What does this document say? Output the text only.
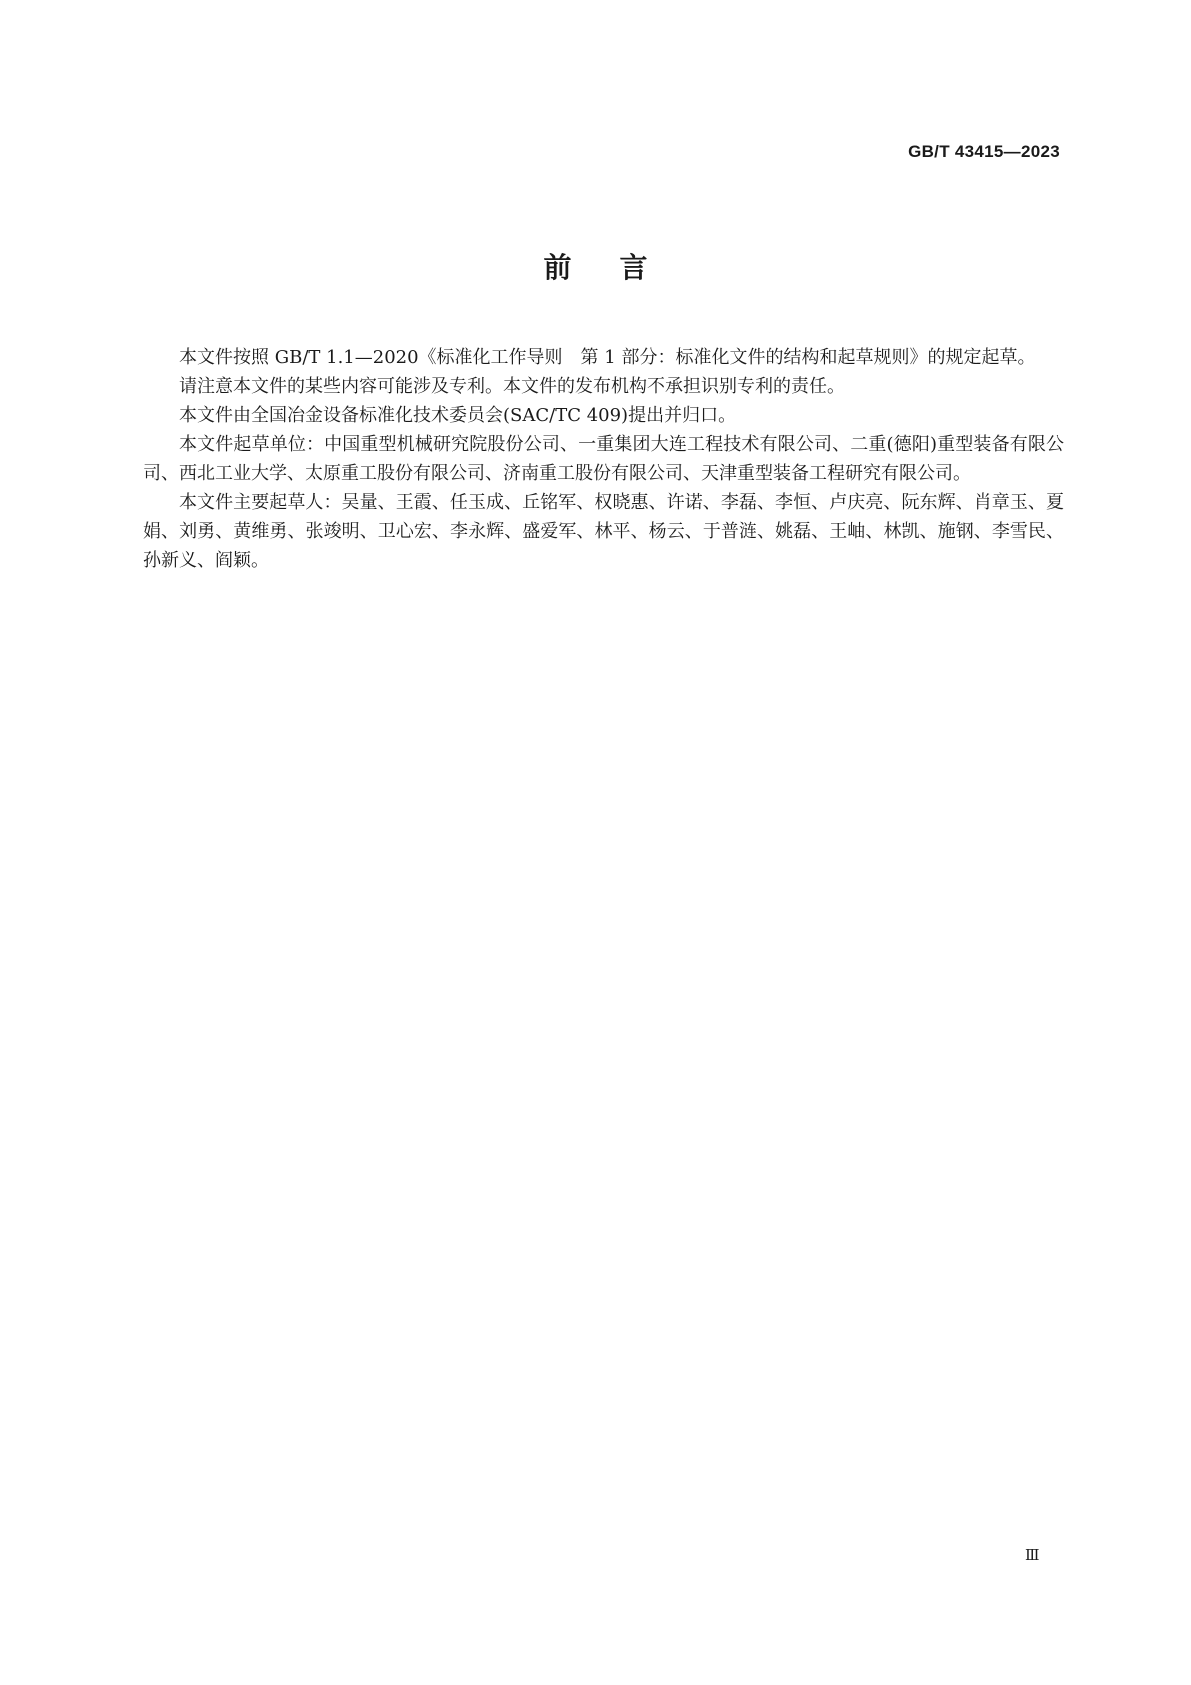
GB/T 43415—2023
前言

本文件按照 GB/T 1.1—2020《标准化工作导则　第 1 部分：标准化文件的结构和起草规则》的规定起草。

请注意本文件的某些内容可能涉及专利。本文件的发布机构不承担识别专利的责任。

本文件由全国冶金设备标准化技术委员会(SAC/TC 409)提出并归口。

本文件起草单位：中国重型机械研究院股份公司、一重集团大连工程技术有限公司、二重(德阳)重型装备有限公司、西北工业大学、太原重工股份有限公司、济南重工股份有限公司、天津重型装备工程研究有限公司。

本文件主要起草人：吴量、王霞、任玉成、丘铭军、权晓惠、许诺、李磊、李恒、卢庆亮、阮东辉、肖章玉、夏娟、刘勇、黄维勇、张竣明、卫心宏、李永辉、盛爱军、林平、杨云、于普涟、姚磊、王岫、林凯、施钢、李雪民、孙新义、阎颖。

Ⅲ
